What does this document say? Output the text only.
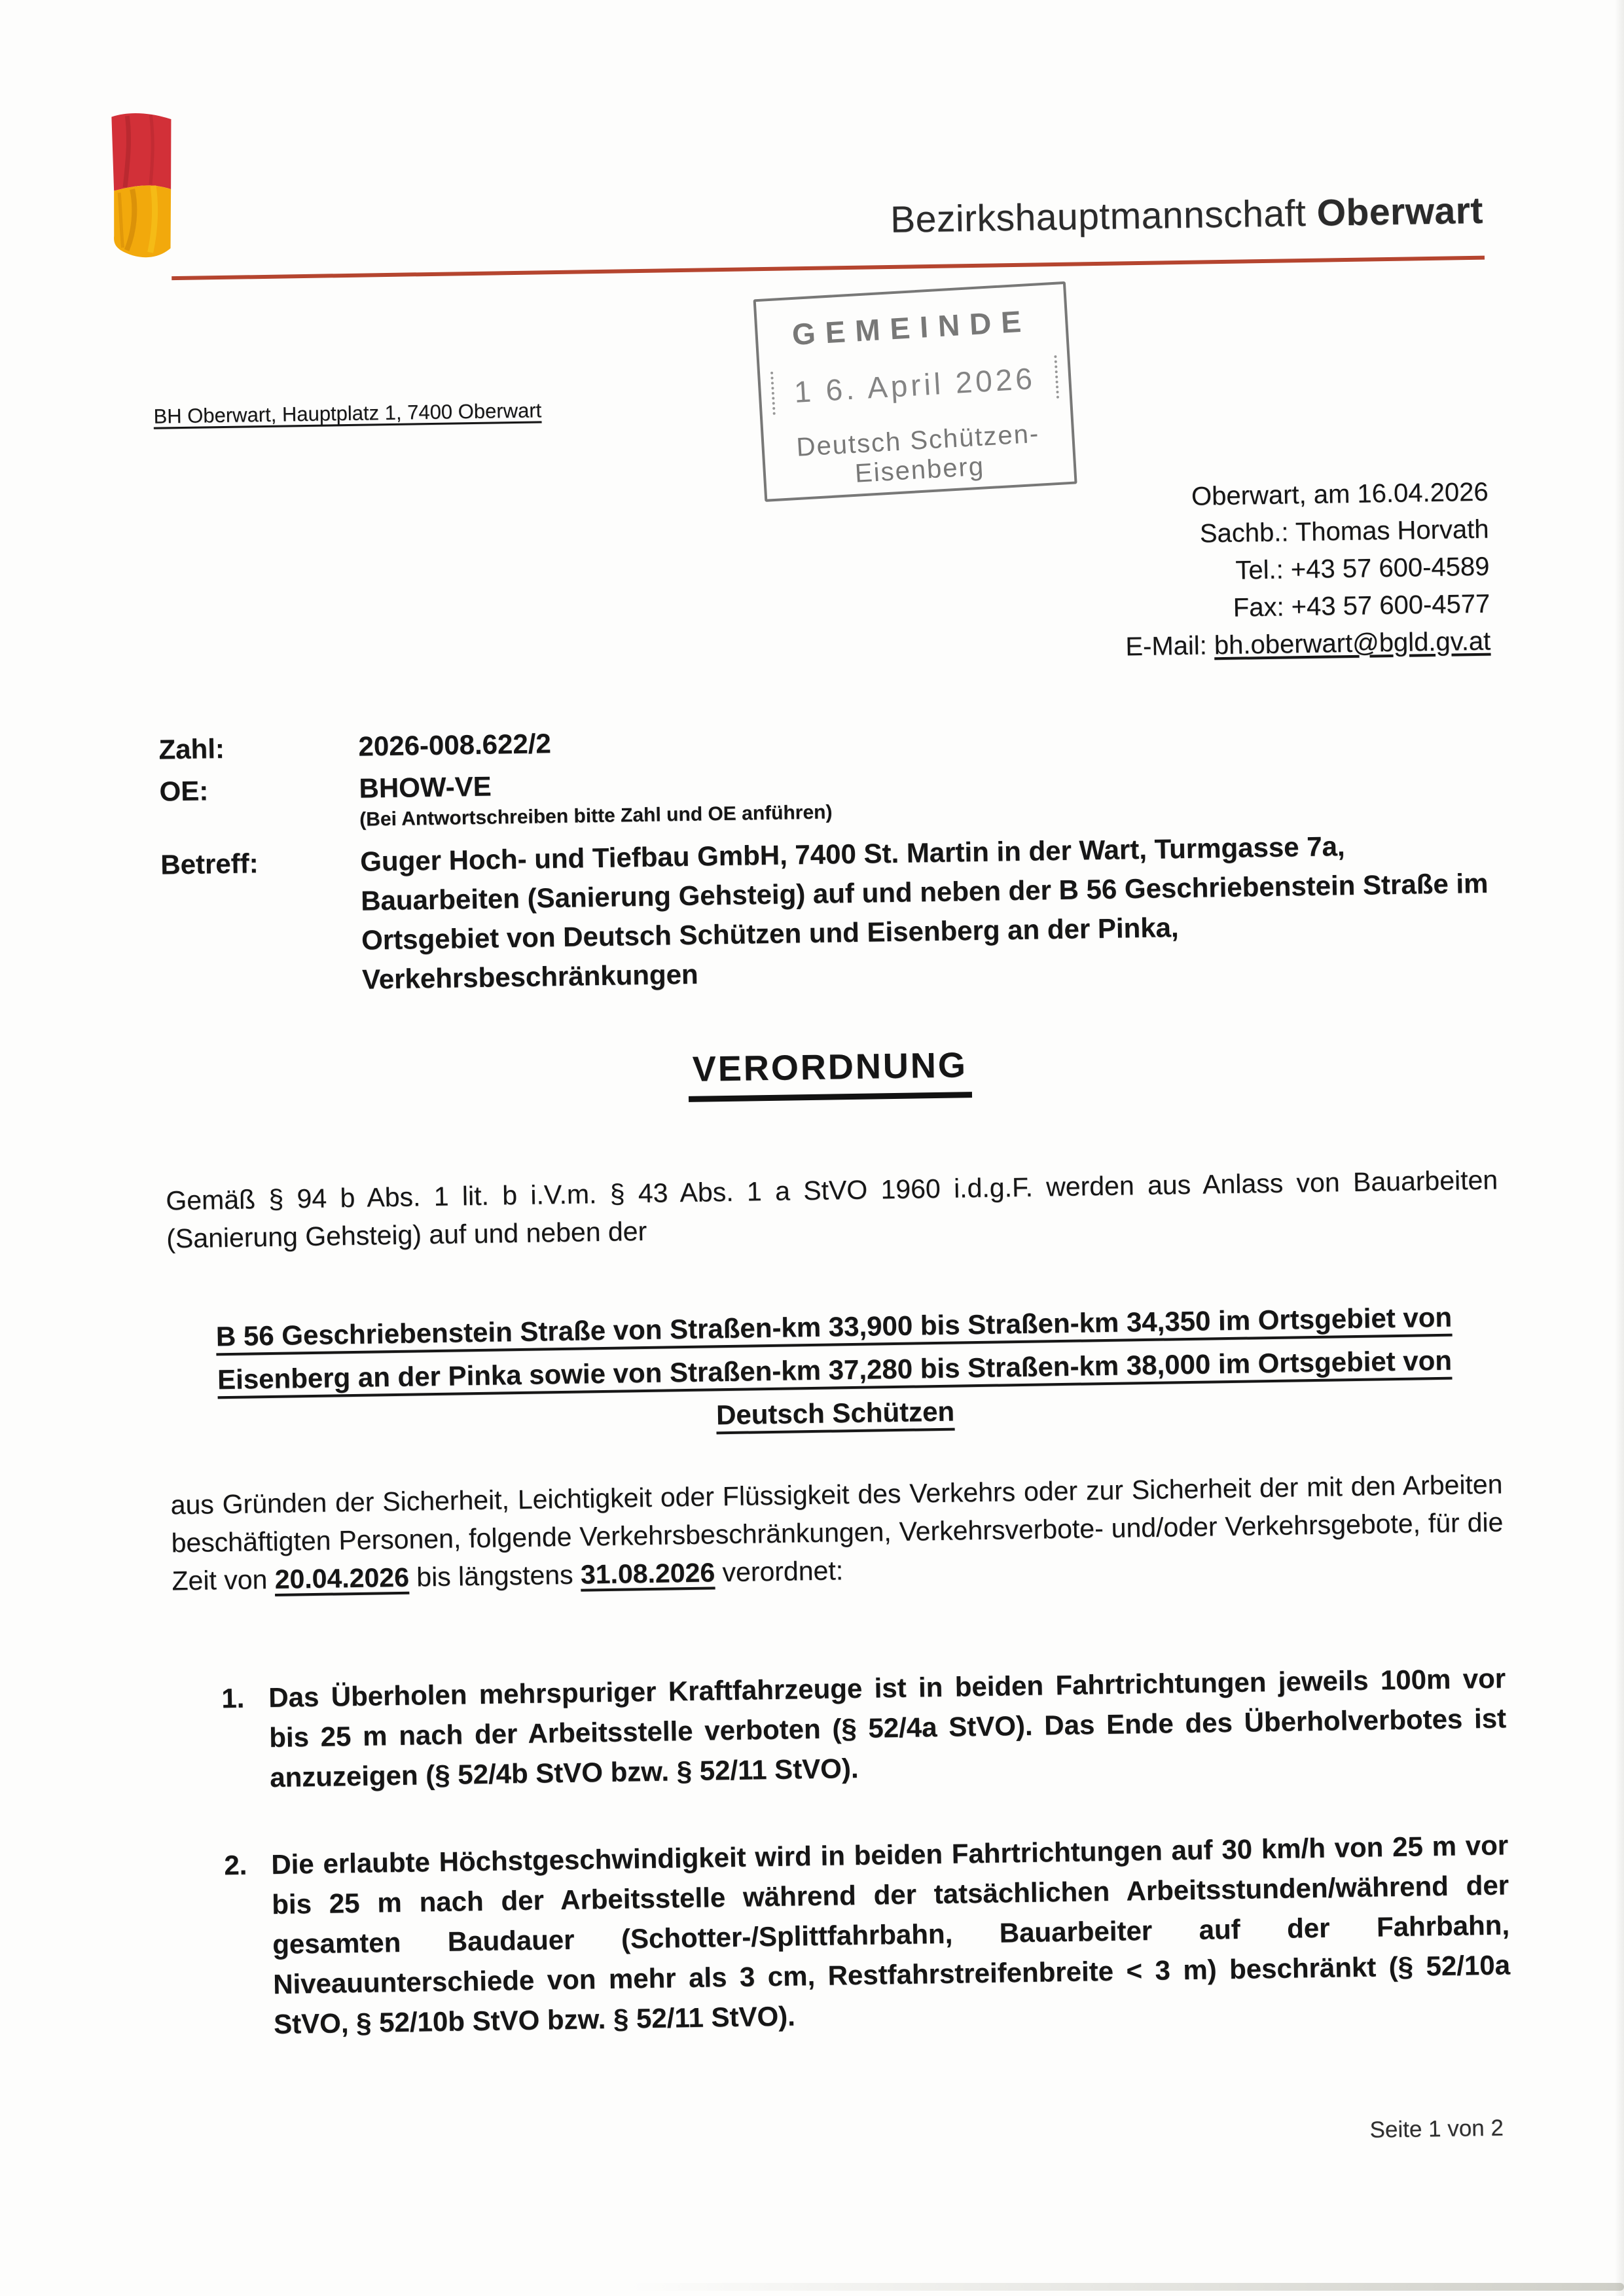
Bezirkshauptmannschaft Oberwart
BH Oberwart, Hauptplatz 1, 7400 Oberwart
GEMEINDE
1 6. April 2026
Deutsch Schützen-Eisenberg
Oberwart, am 16.04.2026
Sachb.: Thomas Horvath
Tel.: +43 57 600-4589
Fax: +43 57 600-4577
E-Mail: bh.oberwart@bgld.gv.at
Zahl:	2026-008.622/2
OE:	BHOW-VE
(Bei Antwortschreiben bitte Zahl und OE anführen)
Betreff:	Guger Hoch- und Tiefbau GmbH, 7400 St. Martin in der Wart, Turmgasse 7a, Bauarbeiten (Sanierung Gehsteig) auf und neben der B 56 Geschriebenstein Straße im Ortsgebiet von Deutsch Schützen und Eisenberg an der Pinka, Verkehrsbeschränkungen
VERORDNUNG

Gemäß § 94 b Abs. 1 lit. b i.V.m. § 43 Abs. 1 a StVO 1960 i.d.g.F. werden aus Anlass von Bauarbeiten (Sanierung Gehsteig) auf und neben der

B 56 Geschriebenstein Straße von Straßen-km 33,900 bis Straßen-km 34,350 im Ortsgebiet von Eisenberg an der Pinka sowie von Straßen-km 37,280 bis Straßen-km 38,000 im Ortsgebiet von Deutsch Schützen

aus Gründen der Sicherheit, Leichtigkeit oder Flüssigkeit des Verkehrs oder zur Sicherheit der mit den Arbeiten beschäftigten Personen, folgende Verkehrsbeschränkungen, Verkehrsverbote- und/oder Verkehrsgebote, für die Zeit von 20.04.2026 bis längstens 31.08.2026 verordnet:

1. Das Überholen mehrspuriger Kraftfahrzeuge ist in beiden Fahrtrichtungen jeweils 100m vor bis 25 m nach der Arbeitsstelle verboten (§ 52/4a StVO). Das Ende des Überholverbotes ist anzuzeigen (§ 52/4b StVO bzw. § 52/11 StVO).
2. Die erlaubte Höchstgeschwindigkeit wird in beiden Fahrtrichtungen auf 30 km/h von 25 m vor bis 25 m nach der Arbeitsstelle während der tatsächlichen Arbeitsstunden/während der gesamten Baudauer (Schotter-/Splittfahrbahn, Bauarbeiter auf der Fahrbahn, Niveauunterschiede von mehr als 3 cm, Restfahrstreifenbreite < 3 m) beschränkt (§ 52/10a StVO, § 52/10b StVO bzw. § 52/11 StVO).
Seite 1 von 2
